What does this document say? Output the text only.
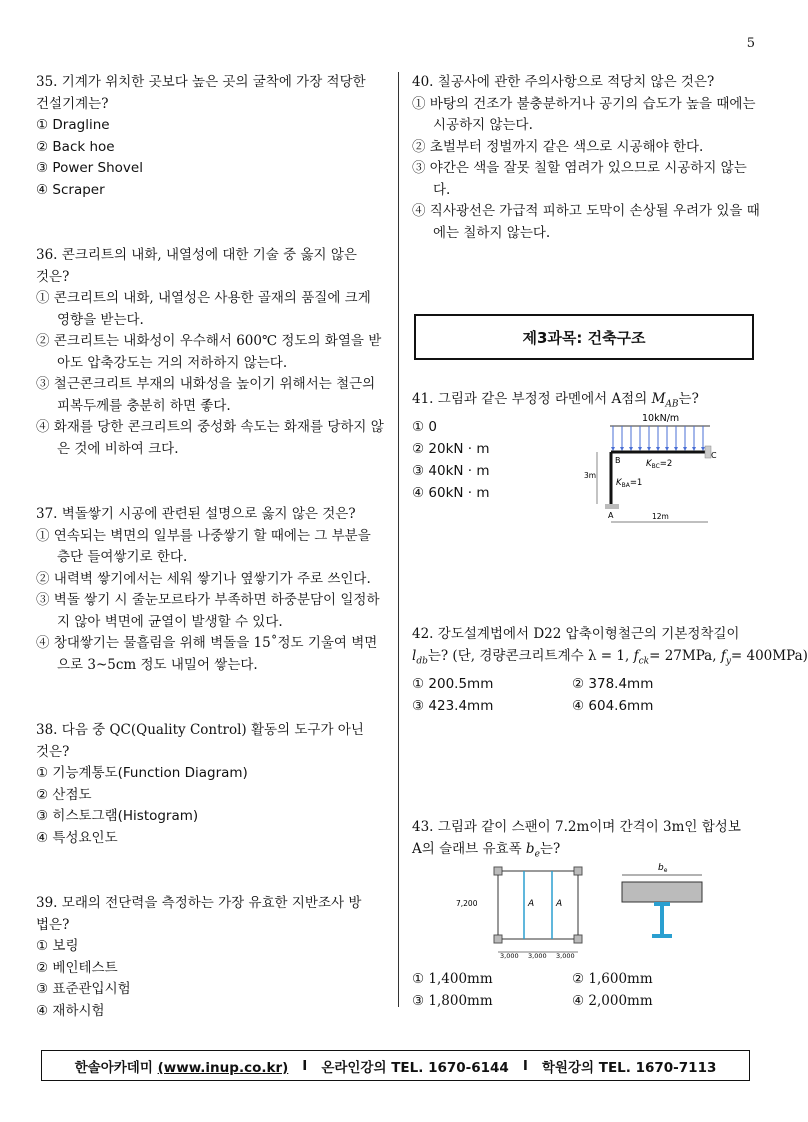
5
35. 기계가 위치한 곳보다 높은 곳의 굴착에 가장 적당한
건설기계는?
① Dragline
② Back hoe
③ Power Shovel
④ Scraper
36. 콘크리트의 내화, 내열성에 대한 기술 중 옳지 않은
것은?
① 콘크리트의 내화, 내열성은 사용한 골재의 품질에 크게 영향을 받는다.
② 콘크리트는 내화성이 우수해서 600℃ 정도의 화열을 받아도 압축강도는 거의 저하하지 않는다.
③ 철근콘크리트 부재의 내화성을 높이기 위해서는 철근의 피복두께를 충분히 하면 좋다.
④ 화재를 당한 콘크리트의 중성화 속도는 화재를 당하지 않은 것에 비하여 크다.
37. 벽돌쌓기 시공에 관련된 설명으로 옳지 않은 것은?
① 연속되는 벽면의 일부를 나중쌓기 할 때에는 그 부분을 층단 들여쌓기로 한다.
② 내력벽 쌓기에서는 세워 쌓기나 옆쌓기가 주로 쓰인다.
③ 벽돌 쌓기 시 줄눈모르타가 부족하면 하중분담이 일정하지 않아 벽면에 균열이 발생할 수 있다.
④ 창대쌓기는 물흘림을 위해 벽돌을 15˚정도 기울여 벽면으로 3~5cm 정도 내밀어 쌓는다.
38. 다음 중 QC(Quality Control) 활동의 도구가 아닌
것은?
① 기능계통도(Function Diagram)
② 산점도
③ 히스토그램(Histogram)
④ 특성요인도
39. 모래의 전단력을 측정하는 가장 유효한 지반조사 방
법은?
① 보링
② 베인테스트
③ 표준관입시험
④ 재하시험
40. 칠공사에 관한 주의사항으로 적당치 않은 것은?
① 바탕의 건조가 불충분하거나 공기의 습도가 높을 때에는 시공하지 않는다.
② 초벌부터 정벌까지 같은 색으로 시공해야 한다.
③ 야간은 색을 잘못 칠할 염려가 있으므로 시공하지 않는다.
④ 직사광선은 가급적 피하고 도막이 손상될 우려가 있을 때에는 칠하지 않는다.
제3과목: 건축구조
41. 그림과 같은 부정정 라멘에서 A점의 $M_{AB}$는?
① 0
② 20kN · m
③ 40kN · m
④ 60kN · m
10kN/m
B
C
A
$K_{BC}=2$
$K_{BA}=1$
3m
12m
42. 강도설계법에서 D22 압축이형철근의 기본정착길이
$l_{db}$는? (단, 경량콘크리트계수 λ = 1, $f_{ck}= 27MPa$, $f_y= 400MPa$)
① 200.5mm	② 378.4mm
③ 423.4mm	④ 604.6mm
43. 그림과 같이 스팬이 7.2m이며 간격이 3m인 합성보
A의 슬래브 유효폭 $b_e$는?
A A
7,200
3,000 3,000 3,000
$b_e$
① 1,400mm	② 1,600mm
③ 1,800mm	④ 2,000mm
한솔아카데미 (www.inup.co.kr) I 온라인강의 TEL. 1670-6144 I 학원강의 TEL. 1670-7113
